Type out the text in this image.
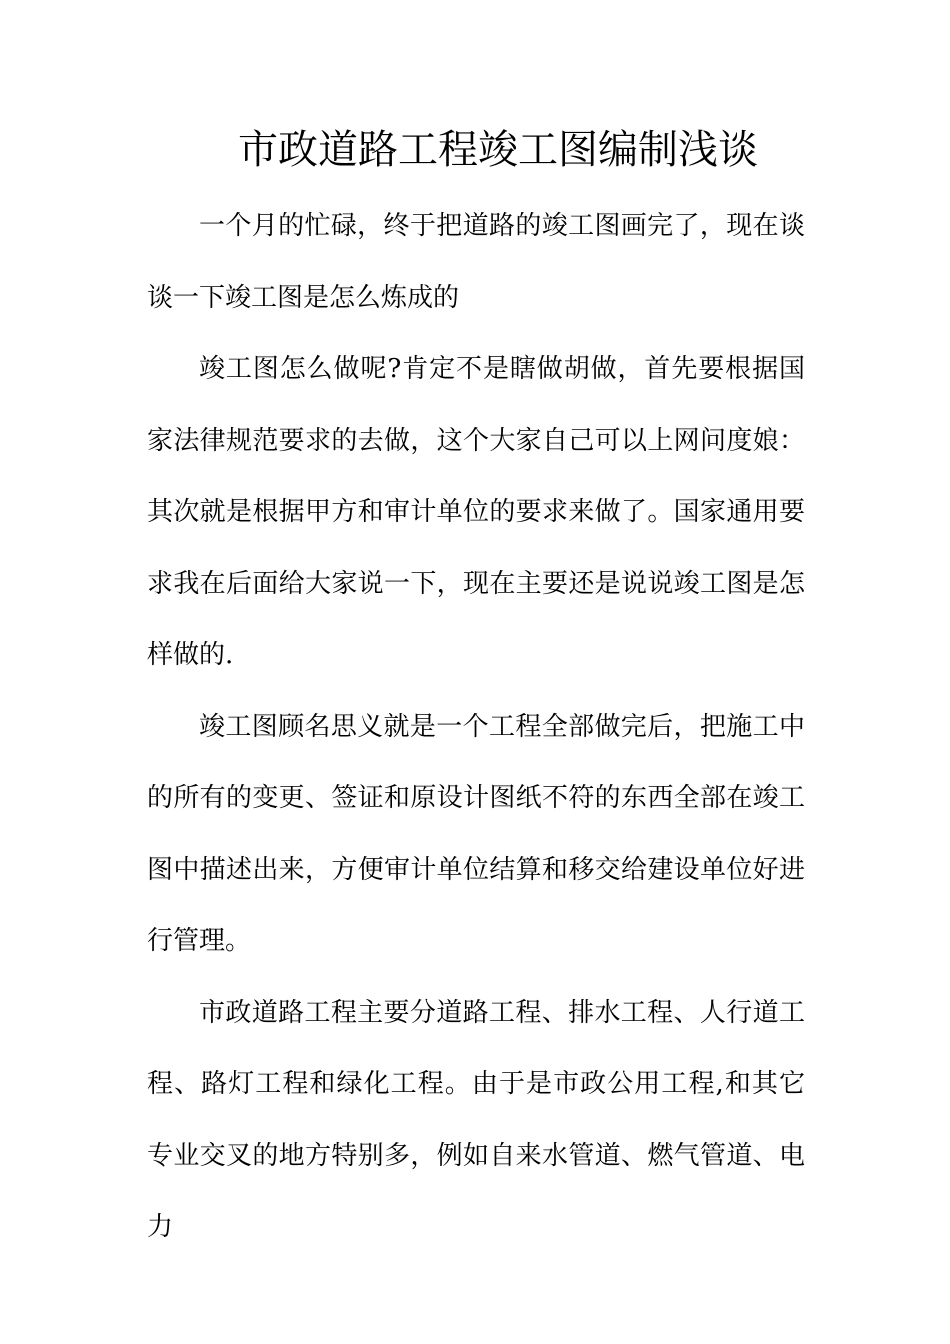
市政道路工程竣工图编制浅谈

一个月的忙碌，终于把道路的竣工图画完了，现在谈谈一下竣工图是怎么炼成的

竣工图怎么做呢?肯定不是瞎做胡做，首先要根据国家法律规范要求的去做，这个大家自己可以上网问度娘：其次就是根据甲方和审计单位的要求来做了。国家通用要求我在后面给大家说一下，现在主要还是说说竣工图是怎样做的.

竣工图顾名思义就是一个工程全部做完后，把施工中的所有的变更、签证和原设计图纸不符的东西全部在竣工图中描述出来，方便审计单位结算和移交给建设单位好进行管理。

市政道路工程主要分道路工程、排水工程、人行道工程、路灯工程和绿化工程。由于是市政公用工程,和其它专业交叉的地方特别多，例如自来水管道、燃气管道、电力
